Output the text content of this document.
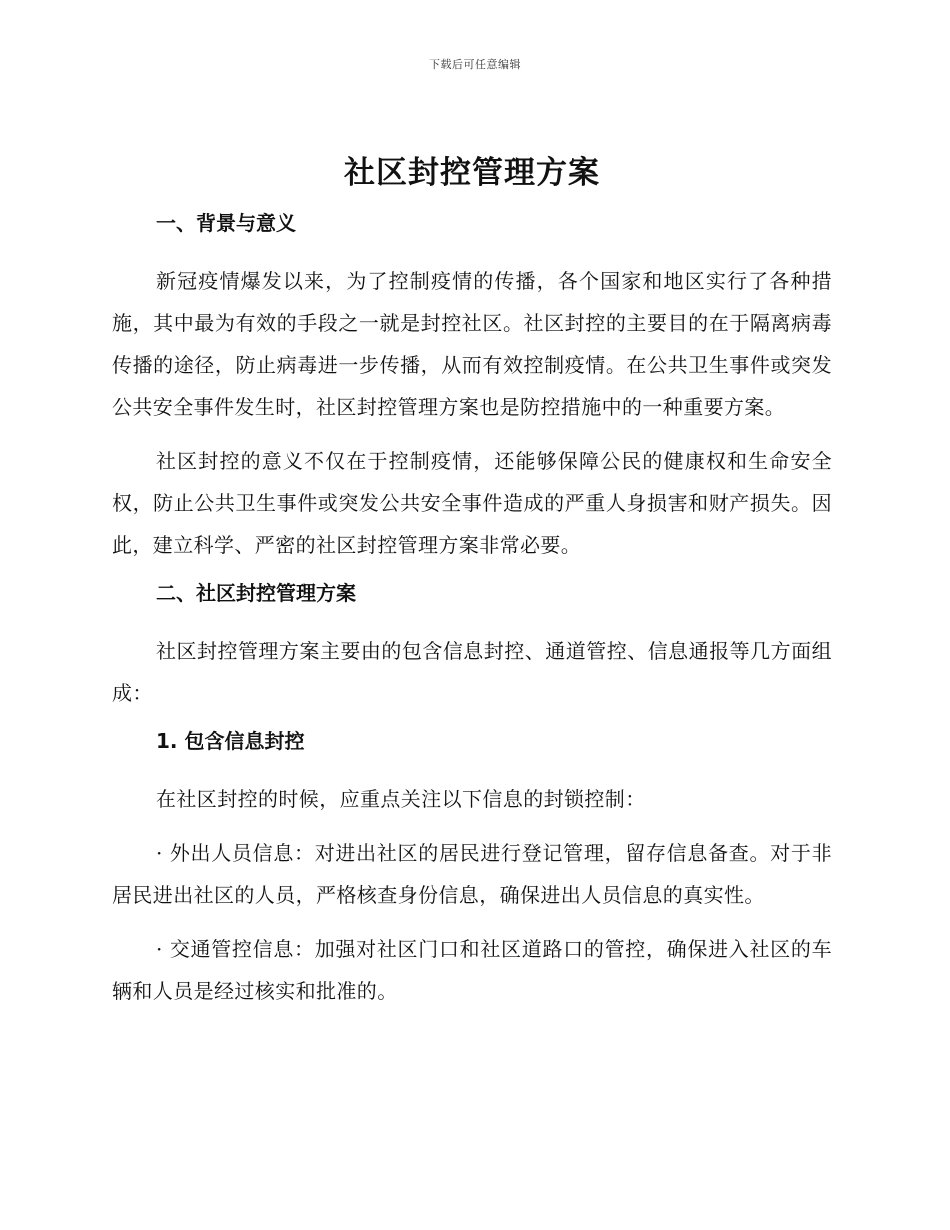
下载后可任意编辑
社区封控管理方案
一、背景与意义

新冠疫情爆发以来，为了控制疫情的传播，各个国家和地区实行了各种措施，其中最为有效的手段之一就是封控社区。社区封控的主要目的在于隔离病毒传播的途径，防止病毒进一步传播，从而有效控制疫情。在公共卫生事件或突发公共安全事件发生时，社区封控管理方案也是防控措施中的一种重要方案。

社区封控的意义不仅在于控制疫情，还能够保障公民的健康权和生命安全权，防止公共卫生事件或突发公共安全事件造成的严重人身损害和财产损失。因此，建立科学、严密的社区封控管理方案非常必要。

二、社区封控管理方案

社区封控管理方案主要由的包含信息封控、通道管控、信息通报等几方面组成：

1. 包含信息封控

在社区封控的时候，应重点关注以下信息的封锁控制：

· 外出人员信息：对进出社区的居民进行登记管理，留存信息备查。对于非居民进出社区的人员，严格核查身份信息，确保进出人员信息的真实性。

· 交通管控信息：加强对社区门口和社区道路口的管控，确保进入社区的车辆和人员是经过核实和批准的。
